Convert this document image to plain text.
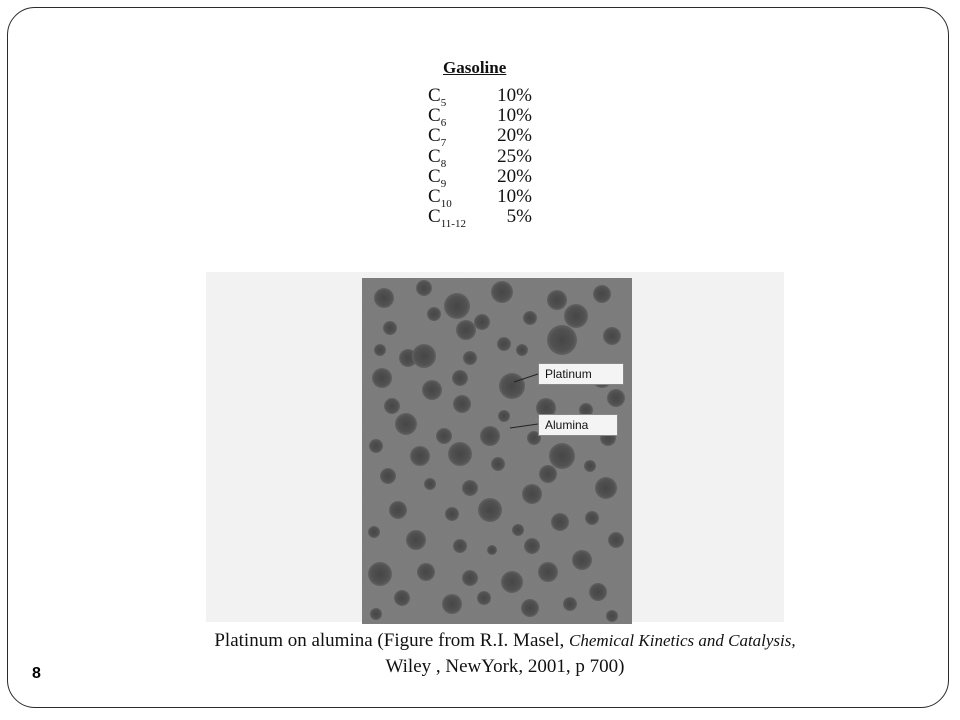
Gasoline
$C_5$	10%
$C_6$	10%
$C_7$	20%
$C_8$	25%
$C_9$	20%
$C_{10}$	10%
$C_{11-12}$	5%
Platinum
Alumina
Platinum on alumina (Figure from R.I. Masel, Chemical Kinetics and Catalysis,
Wiley , NewYork, 2001, p 700)
8
